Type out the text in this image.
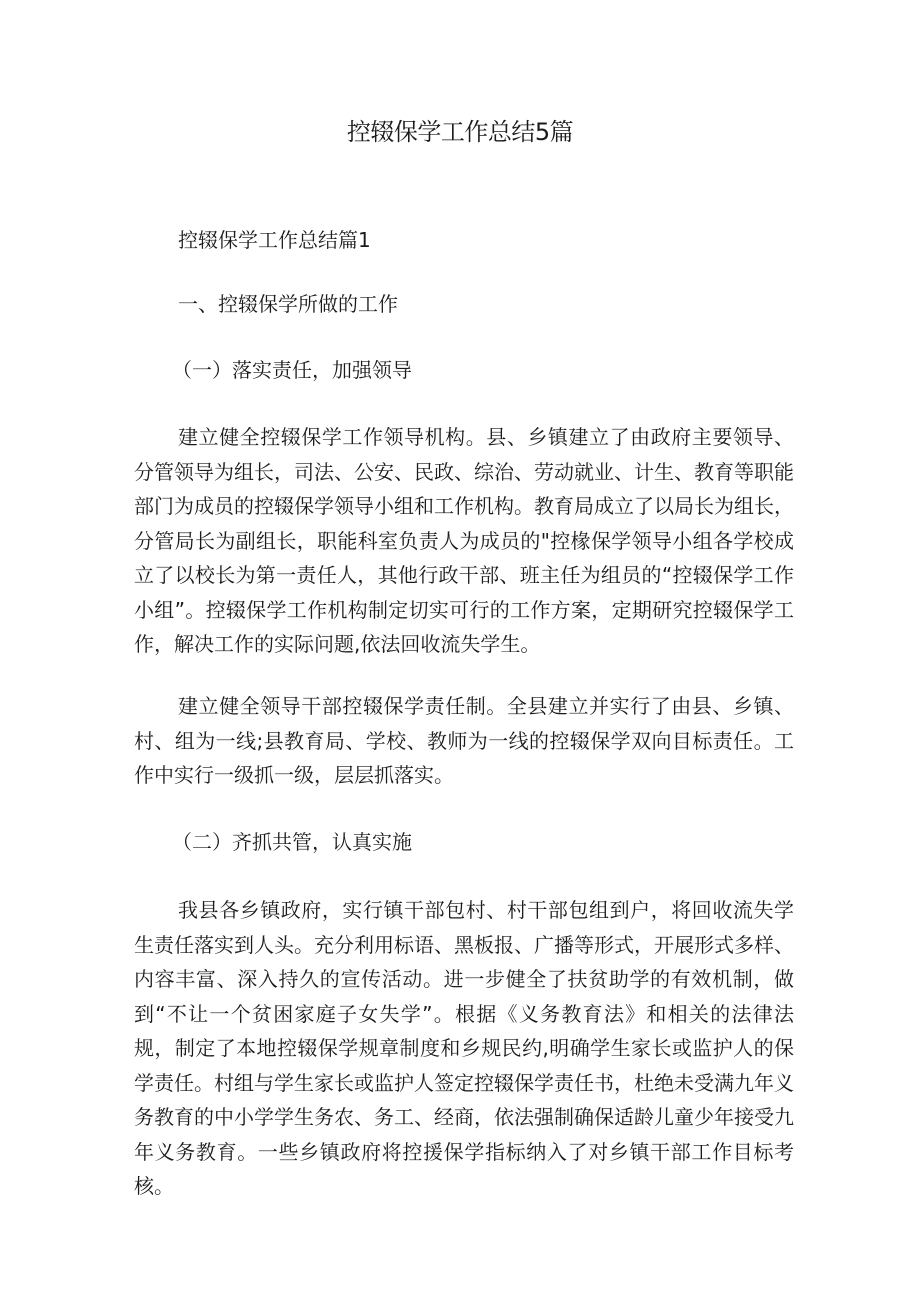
控辍保学工作总结5篇

控辍保学工作总结篇1

一、控辍保学所做的工作

（一）落实责任，加强领导

建立健全控辍保学工作领导机构。县、乡镇建立了由政府主要领导、分管领导为组长，司法、公安、民政、综治、劳动就业、计生、教育等职能部门为成员的控辍保学领导小组和工作机构。教育局成立了以局长为组长，分管局长为副组长，职能科室负责人为成员的"控椽保学领导小组各学校成立了以校长为第一责任人，其他行政干部、班主任为组员的“控辍保学工作小组”。控辍保学工作机构制定切实可行的工作方案，定期研究控辍保学工作，解决工作的实际问题,依法回收流失学生。

建立健全领导干部控辍保学责任制。全县建立并实行了由县、乡镇、村、组为一线;县教育局、学校、教师为一线的控辍保学双向目标责任。工作中实行一级抓一级，层层抓落实。

（二）齐抓共管，认真实施

我县各乡镇政府，实行镇干部包村、村干部包组到户，将回收流失学生责任落实到人头。充分利用标语、黑板报、广播等形式，开展形式多样、内容丰富、深入持久的宣传活动。进一步健全了扶贫助学的有效机制，做到“不让一个贫困家庭子女失学”。根据《义务教育法》和相关的法律法规，制定了本地控辍保学规章制度和乡规民约,明确学生家长或监护人的保学责任。村组与学生家长或监护人签定控辍保学责任书，杜绝未受满九年义务教育的中小学学生务农、务工、经商，依法强制确保适龄儿童少年接受九年义务教育。一些乡镇政府将控援保学指标纳入了对乡镇干部工作目标考核。
